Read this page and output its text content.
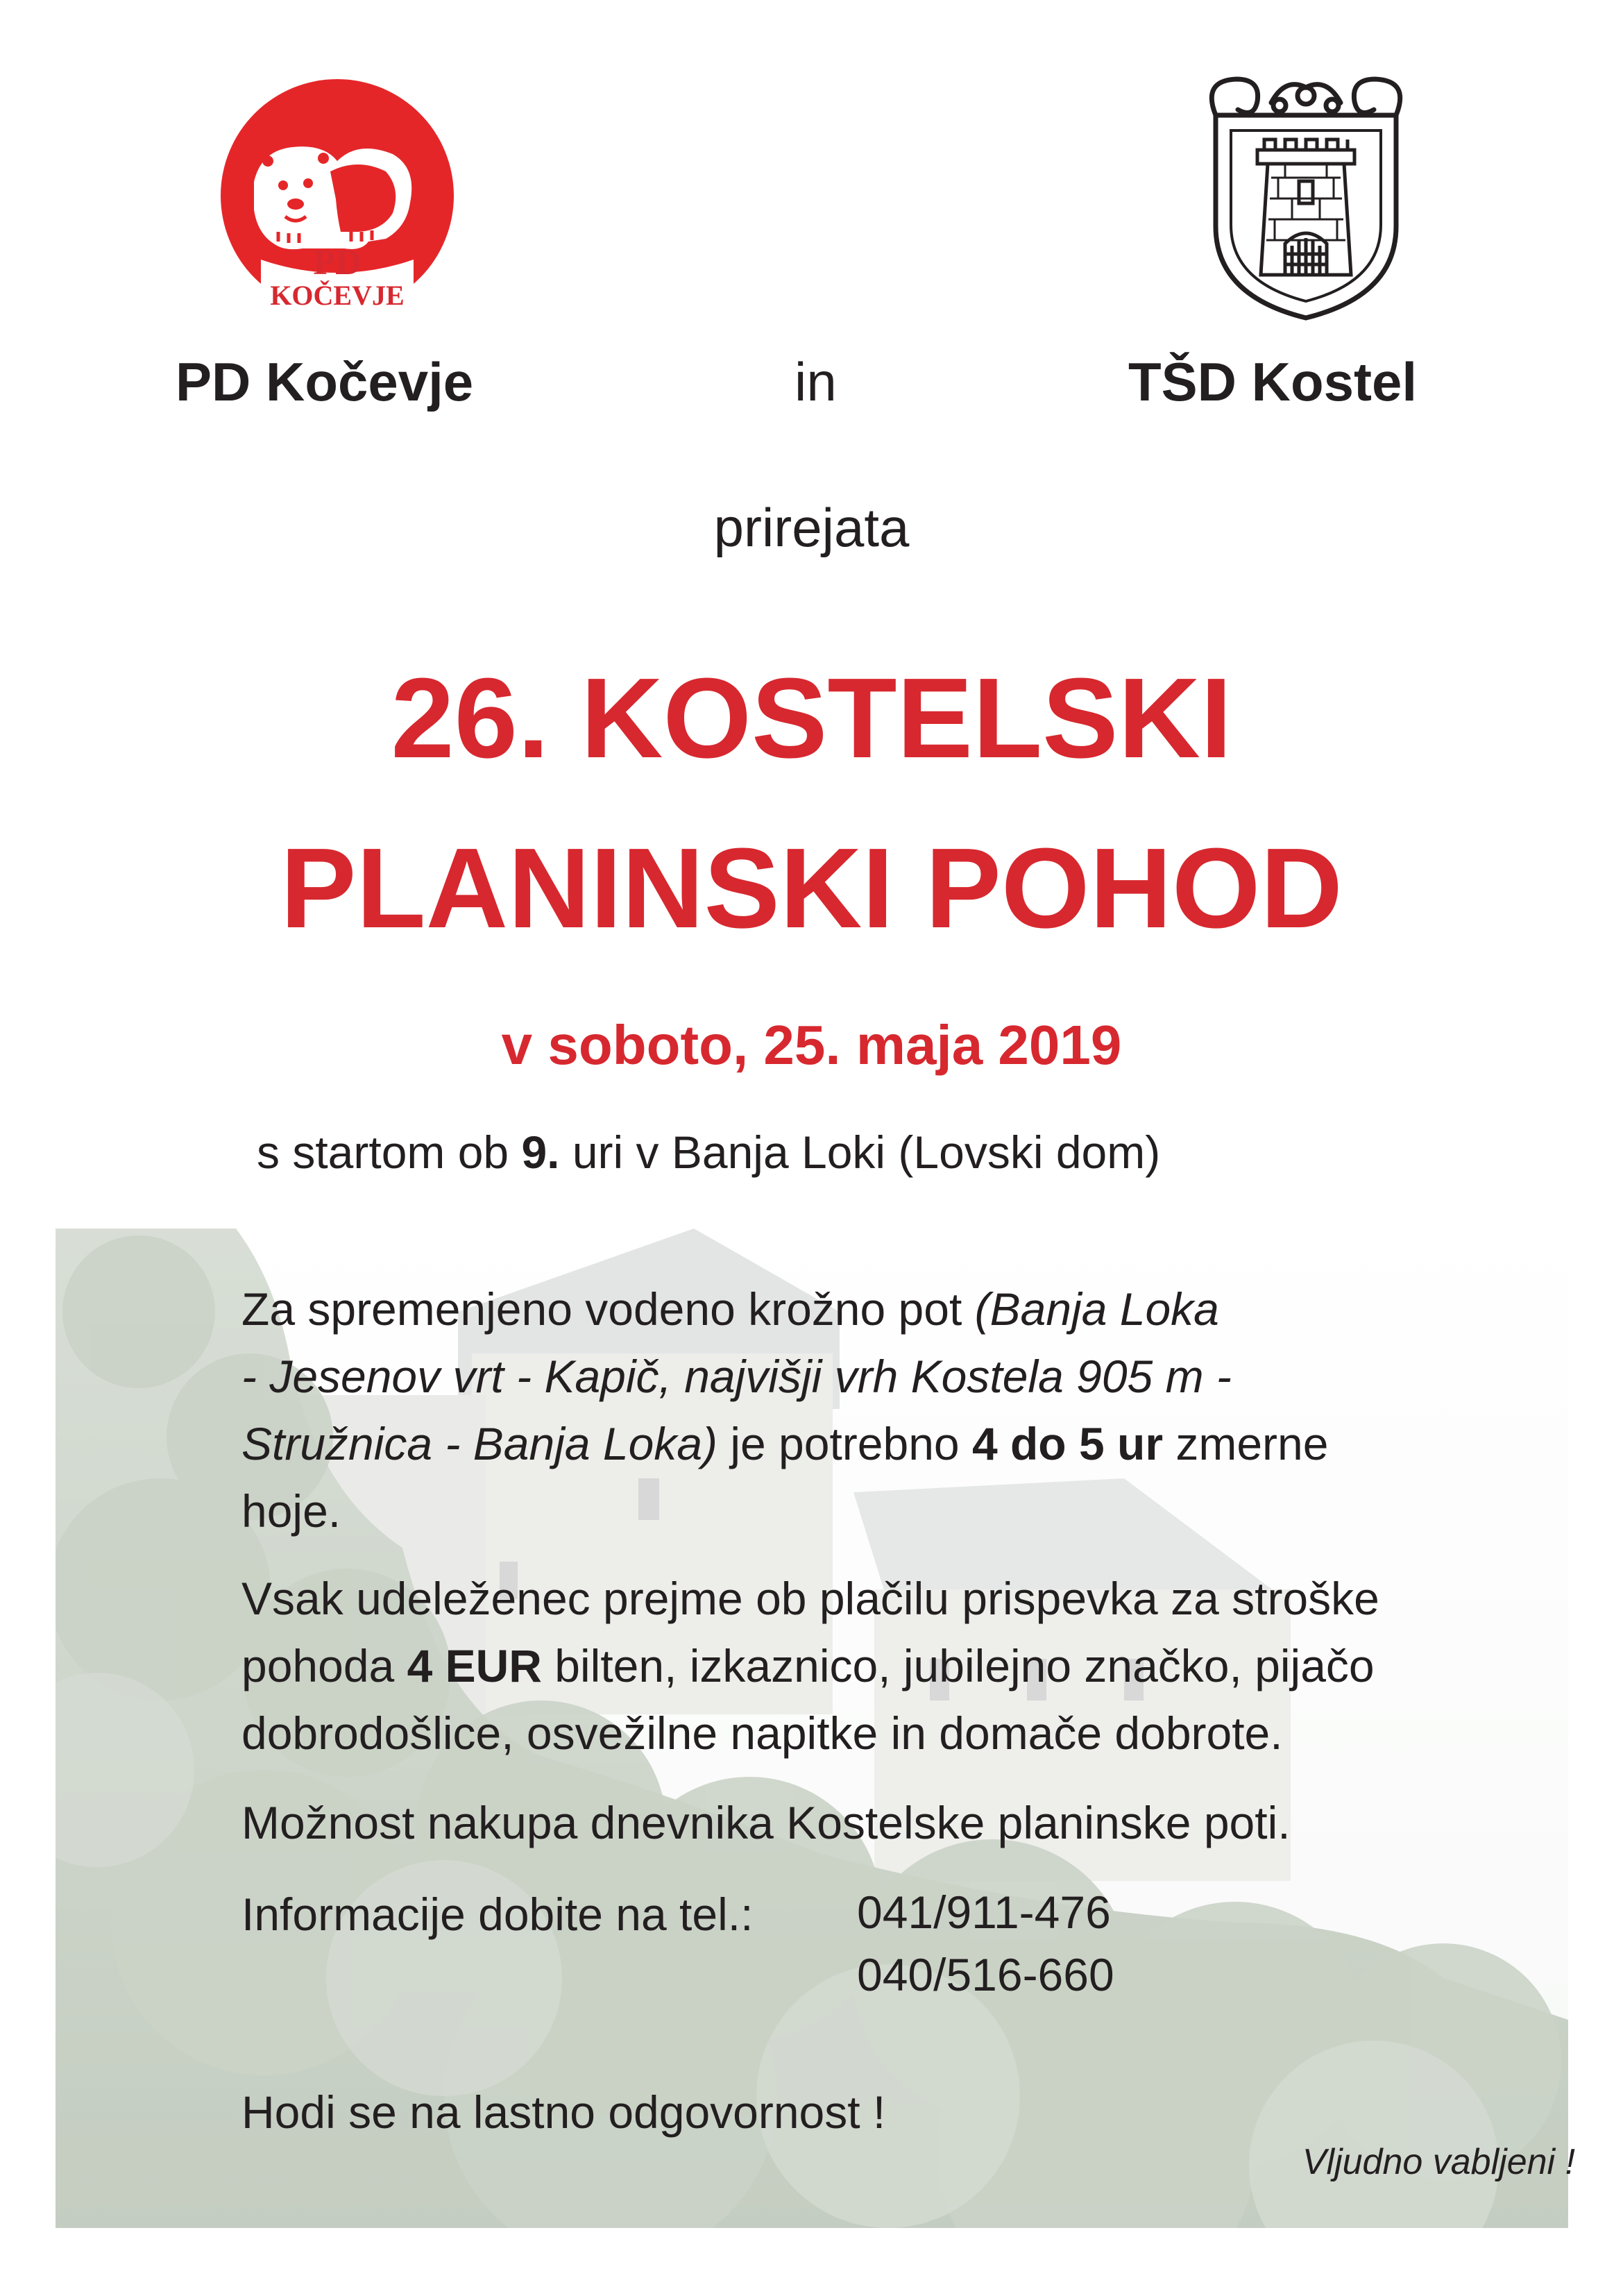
PD
KOČEVJE
PD Kočevje	in	TŠD Kostel
prirejata
26. KOSTELSKI
PLANINSKI POHOD
v soboto, 25. maja 2019
s startom ob 9. uri v Banja Loki (Lovski dom)
Za spremenjeno vodeno krožno pot (Banja Loka
- Jesenov vrt - Kapič, najvišji vrh Kostela 905 m -
Stružnica - Banja Loka) je potrebno 4 do 5 ur zmerne
hoje.
Vsak udeleženec prejme ob plačilu prispevka za stroške
pohoda 4 EUR bilten, izkaznico, jubilejno značko, pijačo
dobrodošlice, osvežilne napitke in domače dobrote.
Možnost nakupa dnevnika Kostelske planinske poti.
Informacije dobite na tel.:	041/911-476
040/516-660
Hodi se na lastno odgovornost !
Vljudno vabljeni !
